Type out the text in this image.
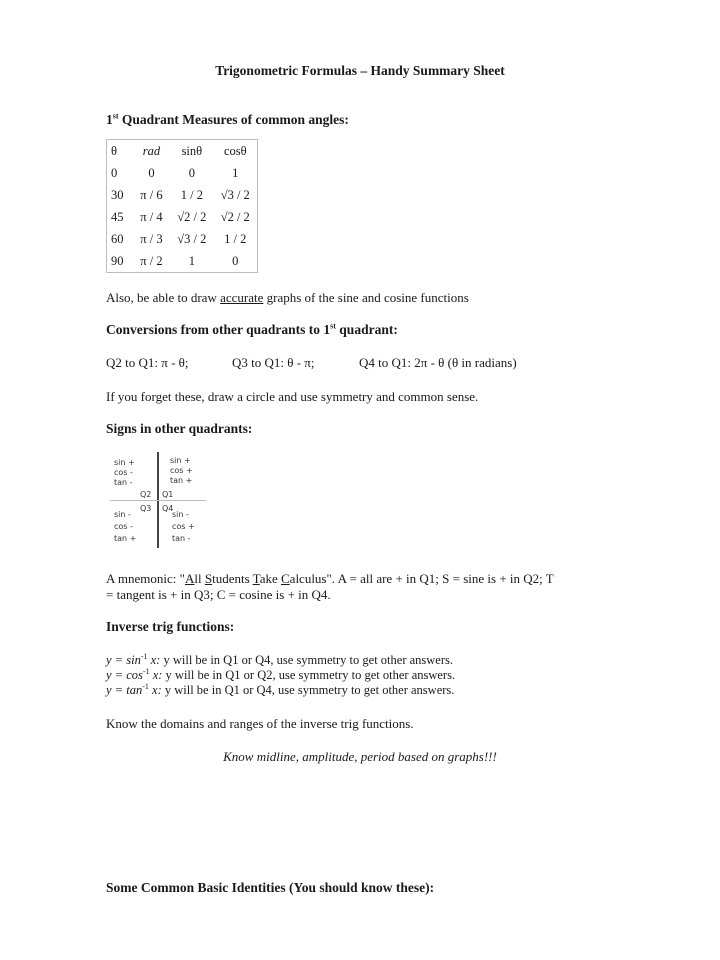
Trigonometric Formulas – Handy Summary Sheet
1st Quadrant Measures of common angles:
θ	rad	sinθ	cosθ
0	0	0	1
30	π / 6	1 / 2	√3 / 2
45	π / 4	√2 / 2	√2 / 2
60	π / 3	√3 / 2	1 / 2
90	π / 2	1	0

Also, be able to draw accurate graphs of the sine and cosine functions

Conversions from other quadrants to 1st quadrant:

Q2 to Q1: π - θ;	Q3 to Q1: θ - π;	Q4 to Q1: 2π - θ (θ in radians)

If you forget these, draw a circle and use symmetry and common sense.

Signs in other quadrants:
sin +
cos -
tan -
sin +
cos +
tan +
Q2 Q1
Q3 Q4
sin -
cos -
tan +
sin -
cos +
tan -

A mnemonic: "All Students Take Calculus". A = all are + in Q1; S = sine is + in Q2; T

= tangent is + in Q3; C = cosine is + in Q4.

Inverse trig functions:

$y = \sin^{-1} x$: y will be in Q1 or Q4, use symmetry to get other answers.

$y = \cos^{-1} x$: y will be in Q1 or Q2, use symmetry to get other answers.

$y = \tan^{-1} x$: y will be in Q1 or Q4, use symmetry to get other answers.

Know the domains and ranges of the inverse trig functions.

Know midline, amplitude, period based on graphs!!!

Some Common Basic Identities (You should know these):
